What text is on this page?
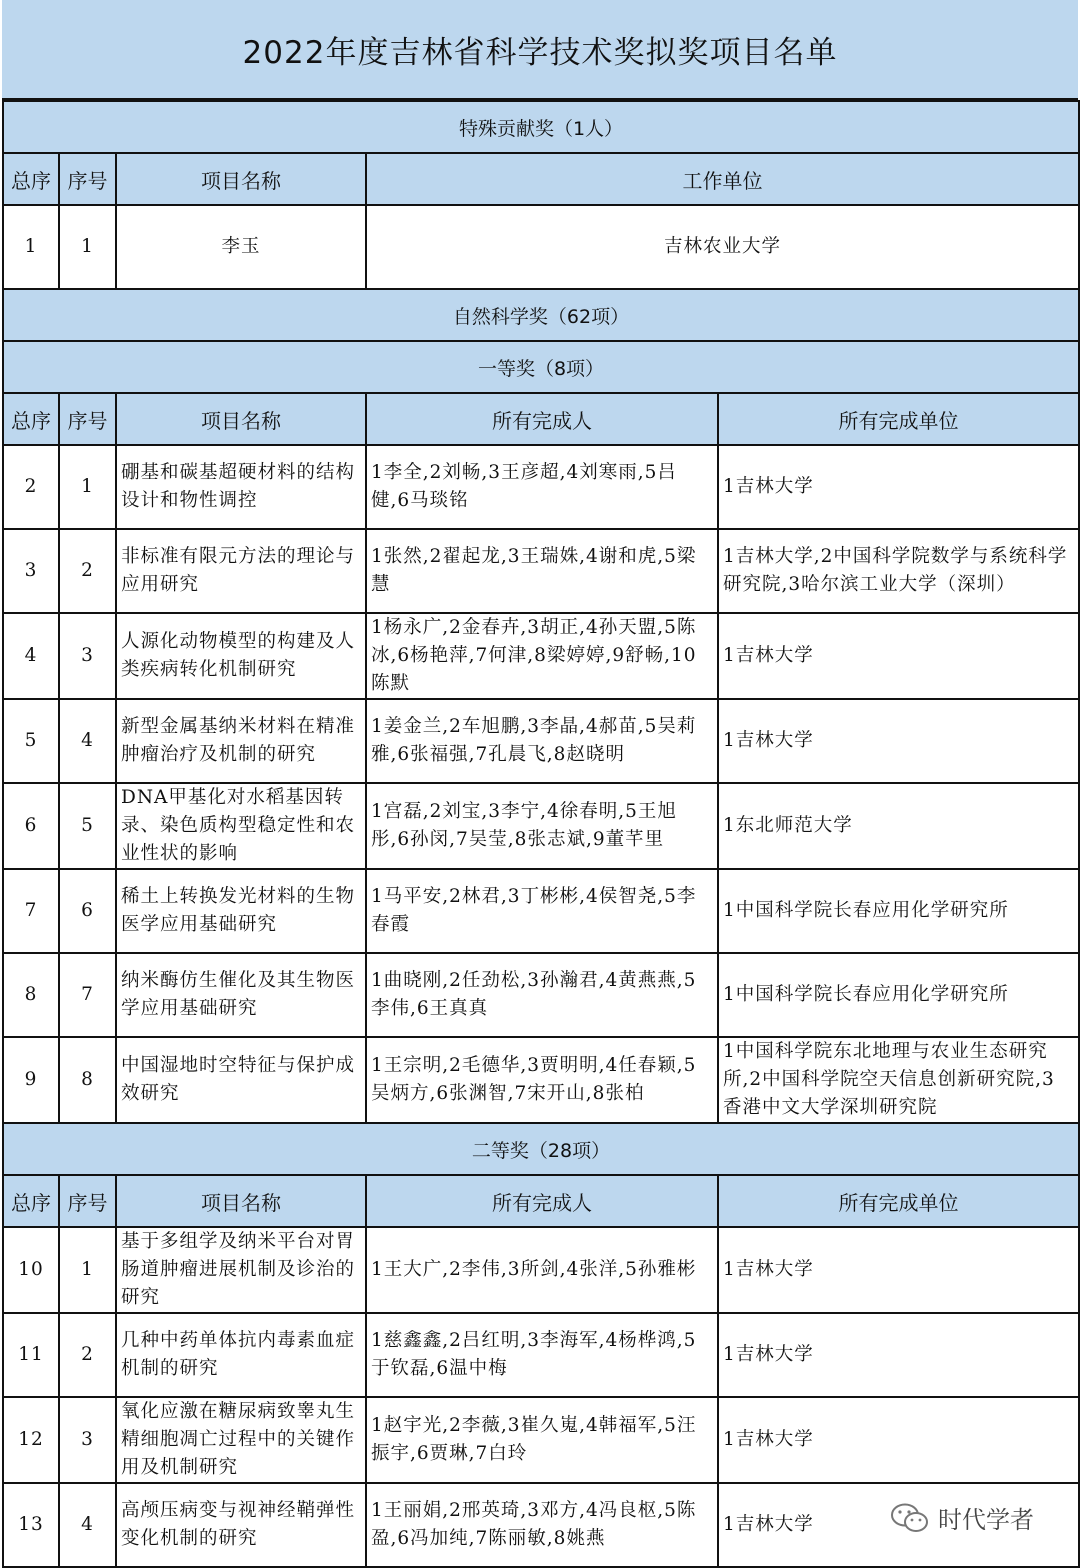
2022年度吉林省科学技术奖拟奖项目名单
特殊贡献奖（1人）				
总序	序号	项目名称	工作单位	
1	1	李玉	吉林农业大学	
自然科学奖（62项）				
一等奖（8项）				
总序	序号	项目名称	所有完成人	所有完成单位
2	1	硼基和碳基超硬材料的结构设计和物性调控	1李全,2刘畅,3王彦超,4刘寒雨,5吕健,6马琰铭	1吉林大学
3	2	非标准有限元方法的理论与应用研究	1张然,2翟起龙,3王瑞姝,4谢和虎,5梁慧	1吉林大学,2中国科学院数学与系统科学研究院,3哈尔滨工业大学（深圳）
4	3	人源化动物模型的构建及人类疾病转化机制研究	1杨永广,2金春卉,3胡正,4孙天盟,5陈冰,6杨艳萍,7何津,8梁婷婷,9舒畅,10陈默	1吉林大学
5	4	新型金属基纳米材料在精准肿瘤治疗及机制的研究	1姜金兰,2车旭鹏,3李晶,4郝苗,5吴莉雅,6张福强,7孔晨飞,8赵晓明	1吉林大学
6	5	DNA甲基化对水稻基因转录、染色质构型稳定性和农业性状的影响	1宫磊,2刘宝,3李宁,4徐春明,5王旭彤,6孙闵,7吴莹,8张志斌,9董芊里	1东北师范大学
7	6	稀土上转换发光材料的生物医学应用基础研究	1马平安,2林君,3丁彬彬,4侯智尧,5李春霞	1中国科学院长春应用化学研究所
8	7	纳米酶仿生催化及其生物医学应用基础研究	1曲晓刚,2任劲松,3孙瀚君,4黄燕燕,5李伟,6王真真	1中国科学院长春应用化学研究所
9	8	中国湿地时空特征与保护成效研究	1王宗明,2毛德华,3贾明明,4任春颖,5吴炳方,6张渊智,7宋开山,8张柏	1中国科学院东北地理与农业生态研究所,2中国科学院空天信息创新研究院,3香港中文大学深圳研究院
二等奖（28项）				
总序	序号	项目名称	所有完成人	所有完成单位
10	1	基于多组学及纳米平台对胃肠道肿瘤进展机制及诊治的研究	1王大广,2李伟,3所剑,4张洋,5孙雅彬	1吉林大学
11	2	几种中药单体抗内毒素血症机制的研究	1慈鑫鑫,2吕红明,3李海军,4杨桦鸿,5于钦磊,6温中梅	1吉林大学
12	3	氧化应激在糖尿病致睾丸生精细胞凋亡过程中的关键作用及机制研究	1赵宇光,2李薇,3崔久嵬,4韩福军,5汪振宇,6贾琳,7白玲	1吉林大学
13	4	高颅压病变与视神经鞘弹性变化机制的研究	1王丽娟,2邢英琦,3邓方,4冯良枢,5陈盈,6冯加纯,7陈丽敏,8姚燕	1吉林大学	时代学者
